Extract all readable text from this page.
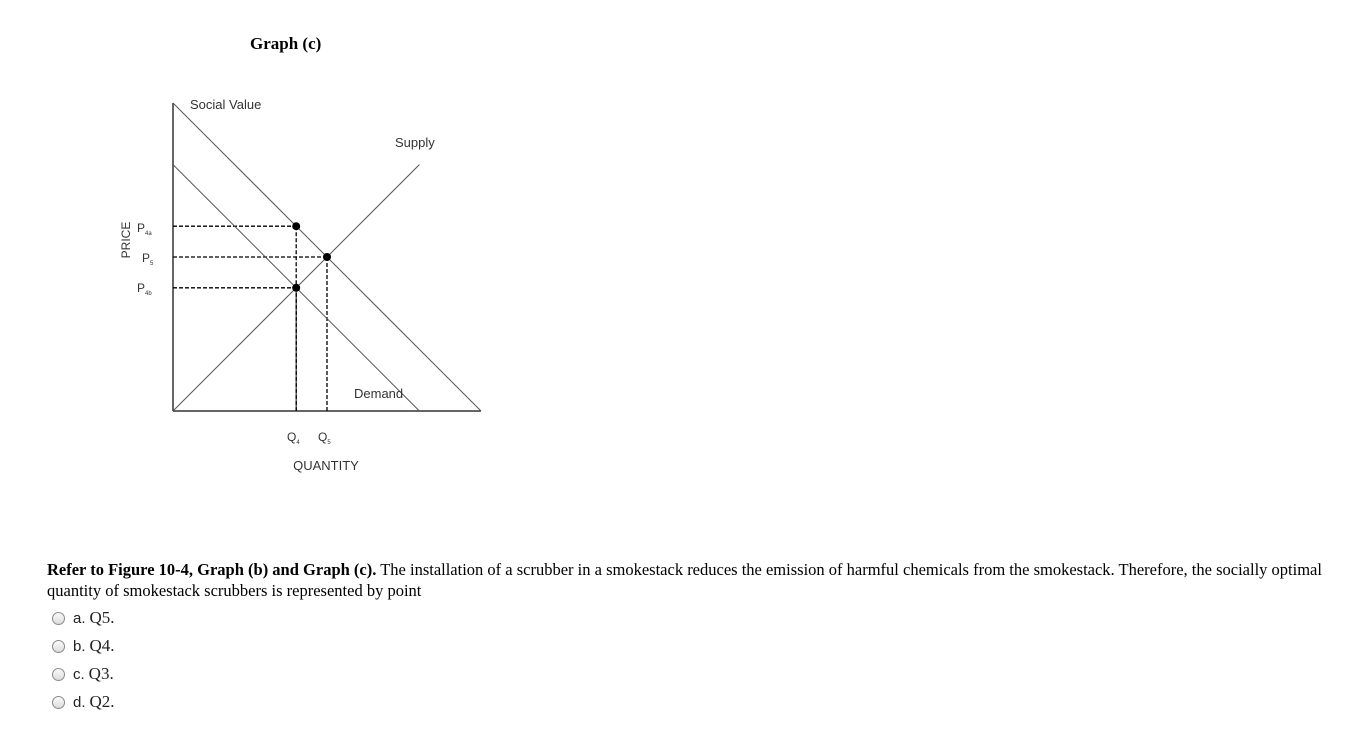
Graph (c)
Social Value
Supply
Demand
PRICE
QUANTITY
$P_{4a}$
$P_5$
$P_{4b}$
$Q_4$ $Q_5$
Refer to Figure 10-4, Graph (b) and Graph (c). The installation of a scrubber in a smokestack reduces the emission of harmful chemicals from the smokestack. Therefore, the socially optimal quantity of smokestack scrubbers is represented by point
a. Q5.
b. Q4.
c. Q3.
d. Q2.
